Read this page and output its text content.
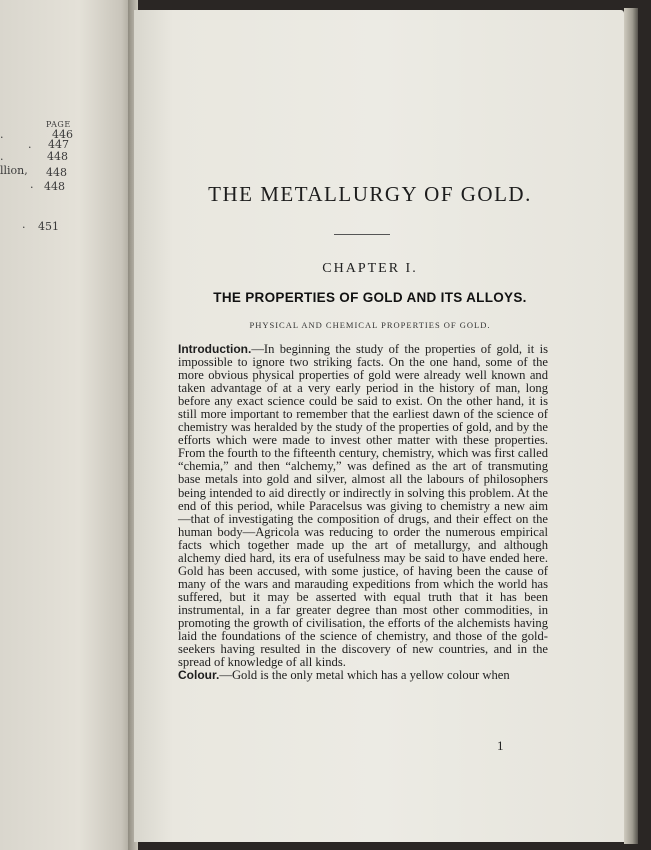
PAGE
.	446
. 447
.	448
llion, 448
. 448
. 451
THE METALLURGY OF GOLD.
CHAPTER I.
THE PROPERTIES OF GOLD AND ITS ALLOYS.
PHYSICAL AND CHEMICAL PROPERTIES OF GOLD.

Introduction.—In beginning the study of the properties of gold, it is impossible to ignore two striking facts. On the one hand, some of the more obvious physical properties of gold were already well known and taken advantage of at a very early period in the history of man, long before any exact science could be said to exist. On the other hand, it is still more important to remember that the earliest dawn of the science of chemistry was heralded by the study of the properties of gold, and by the efforts which were made to invest other matter with these properties. From the fourth to the fifteenth century, chemistry, which was first called “chemia,” and then “alchemy,” was defined as the art of transmuting base metals into gold and silver, almost all the labours of philosophers being intended to aid directly or indirectly in solving this problem. At the end of this period, while Paracelsus was giving to chemistry a new aim—that of investigating the composition of drugs, and their effect on the human body—Agricola was reducing to order the numerous empirical facts which together made up the art of metallurgy, and although alchemy died hard, its era of usefulness may be said to have ended here. Gold has been accused, with some justice, of having been the cause of many of the wars and marauding expeditions from which the world has suffered, but it may be asserted with equal truth that it has been instrumental, in a far greater degree than most other commodities, in promoting the growth of civilisation, the efforts of the alchemists having laid the foundations of the science of chemistry, and those of the gold-seekers having resulted in the discovery of new countries, and in the spread of knowledge of all kinds.

Colour.—Gold is the only metal which has a yellow colour when

1
